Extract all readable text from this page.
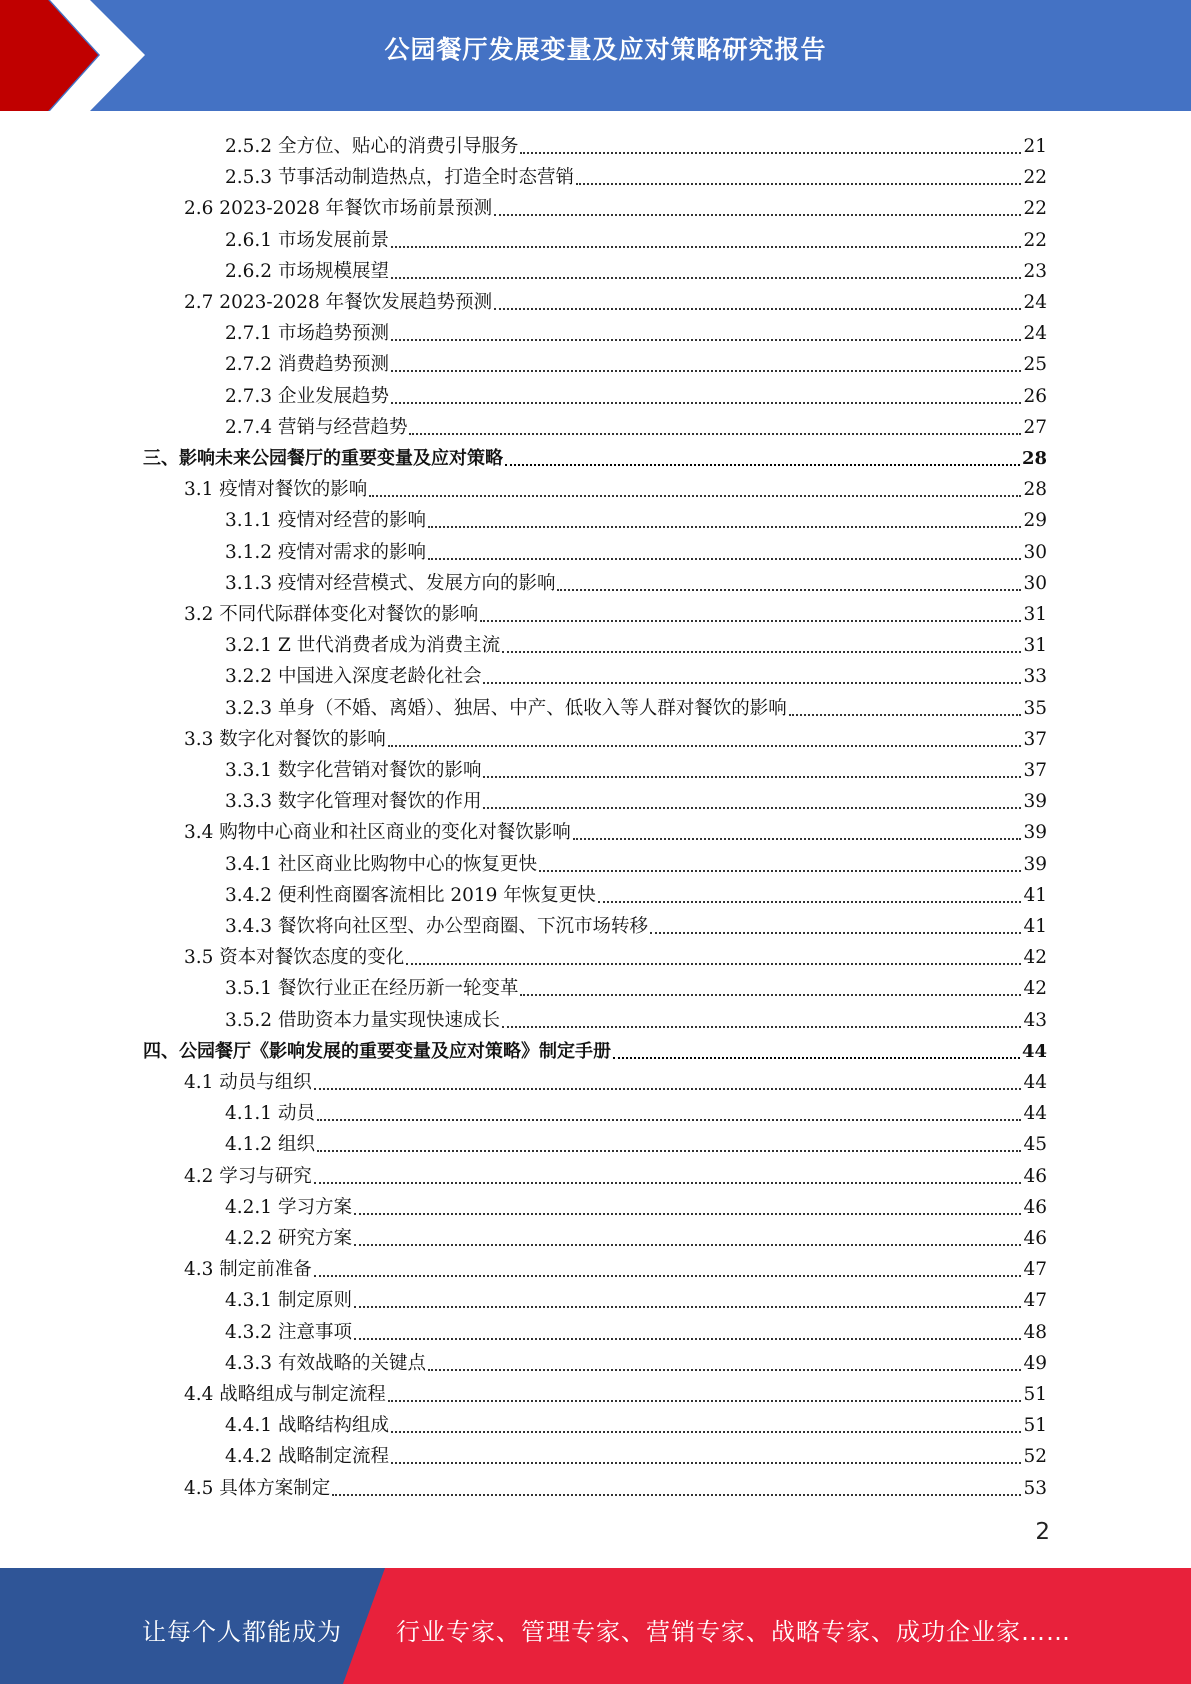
公园餐厅发展变量及应对策略研究报告
2.5.2 全方位、贴心的消费引导服务	21
2.5.3 节事活动制造热点，打造全时态营销	22
2.6 2023-2028 年餐饮市场前景预测	22
2.6.1 市场发展前景	22
2.6.2 市场规模展望	23
2.7 2023-2028 年餐饮发展趋势预测	24
2.7.1 市场趋势预测	24
2.7.2 消费趋势预测	25
2.7.3 企业发展趋势	26
2.7.4 营销与经营趋势	27
三、影响未来公园餐厅的重要变量及应对策略	28
3.1 疫情对餐饮的影响	28
3.1.1 疫情对经营的影响	29
3.1.2 疫情对需求的影响	30
3.1.3 疫情对经营模式、发展方向的影响	30
3.2 不同代际群体变化对餐饮的影响	31
3.2.1 Z 世代消费者成为消费主流	31
3.2.2 中国进入深度老龄化社会	33
3.2.3 单身（不婚、离婚）、独居、中产、低收入等人群对餐饮的影响	35
3.3 数字化对餐饮的影响	37
3.3.1 数字化营销对餐饮的影响	37
3.3.3 数字化管理对餐饮的作用	39
3.4 购物中心商业和社区商业的变化对餐饮影响	39
3.4.1 社区商业比购物中心的恢复更快	39
3.4.2 便利性商圈客流相比 2019 年恢复更快	41
3.4.3 餐饮将向社区型、办公型商圈、下沉市场转移	41
3.5 资本对餐饮态度的变化	42
3.5.1 餐饮行业正在经历新一轮变革	42
3.5.2 借助资本力量实现快速成长	43
四、公园餐厅《影响发展的重要变量及应对策略》制定手册	44
4.1 动员与组织	44
4.1.1 动员	44
4.1.2 组织	45
4.2 学习与研究	46
4.2.1 学习方案	46
4.2.2 研究方案	46
4.3 制定前准备	47
4.3.1 制定原则	47
4.3.2 注意事项	48
4.3.3 有效战略的关键点	49
4.4 战略组成与制定流程	51
4.4.1 战略结构组成	51
4.4.2 战略制定流程	52
4.5 具体方案制定	53
2
让每个人都能成为 行业专家、管理专家、营销专家、战略专家、成功企业家……
